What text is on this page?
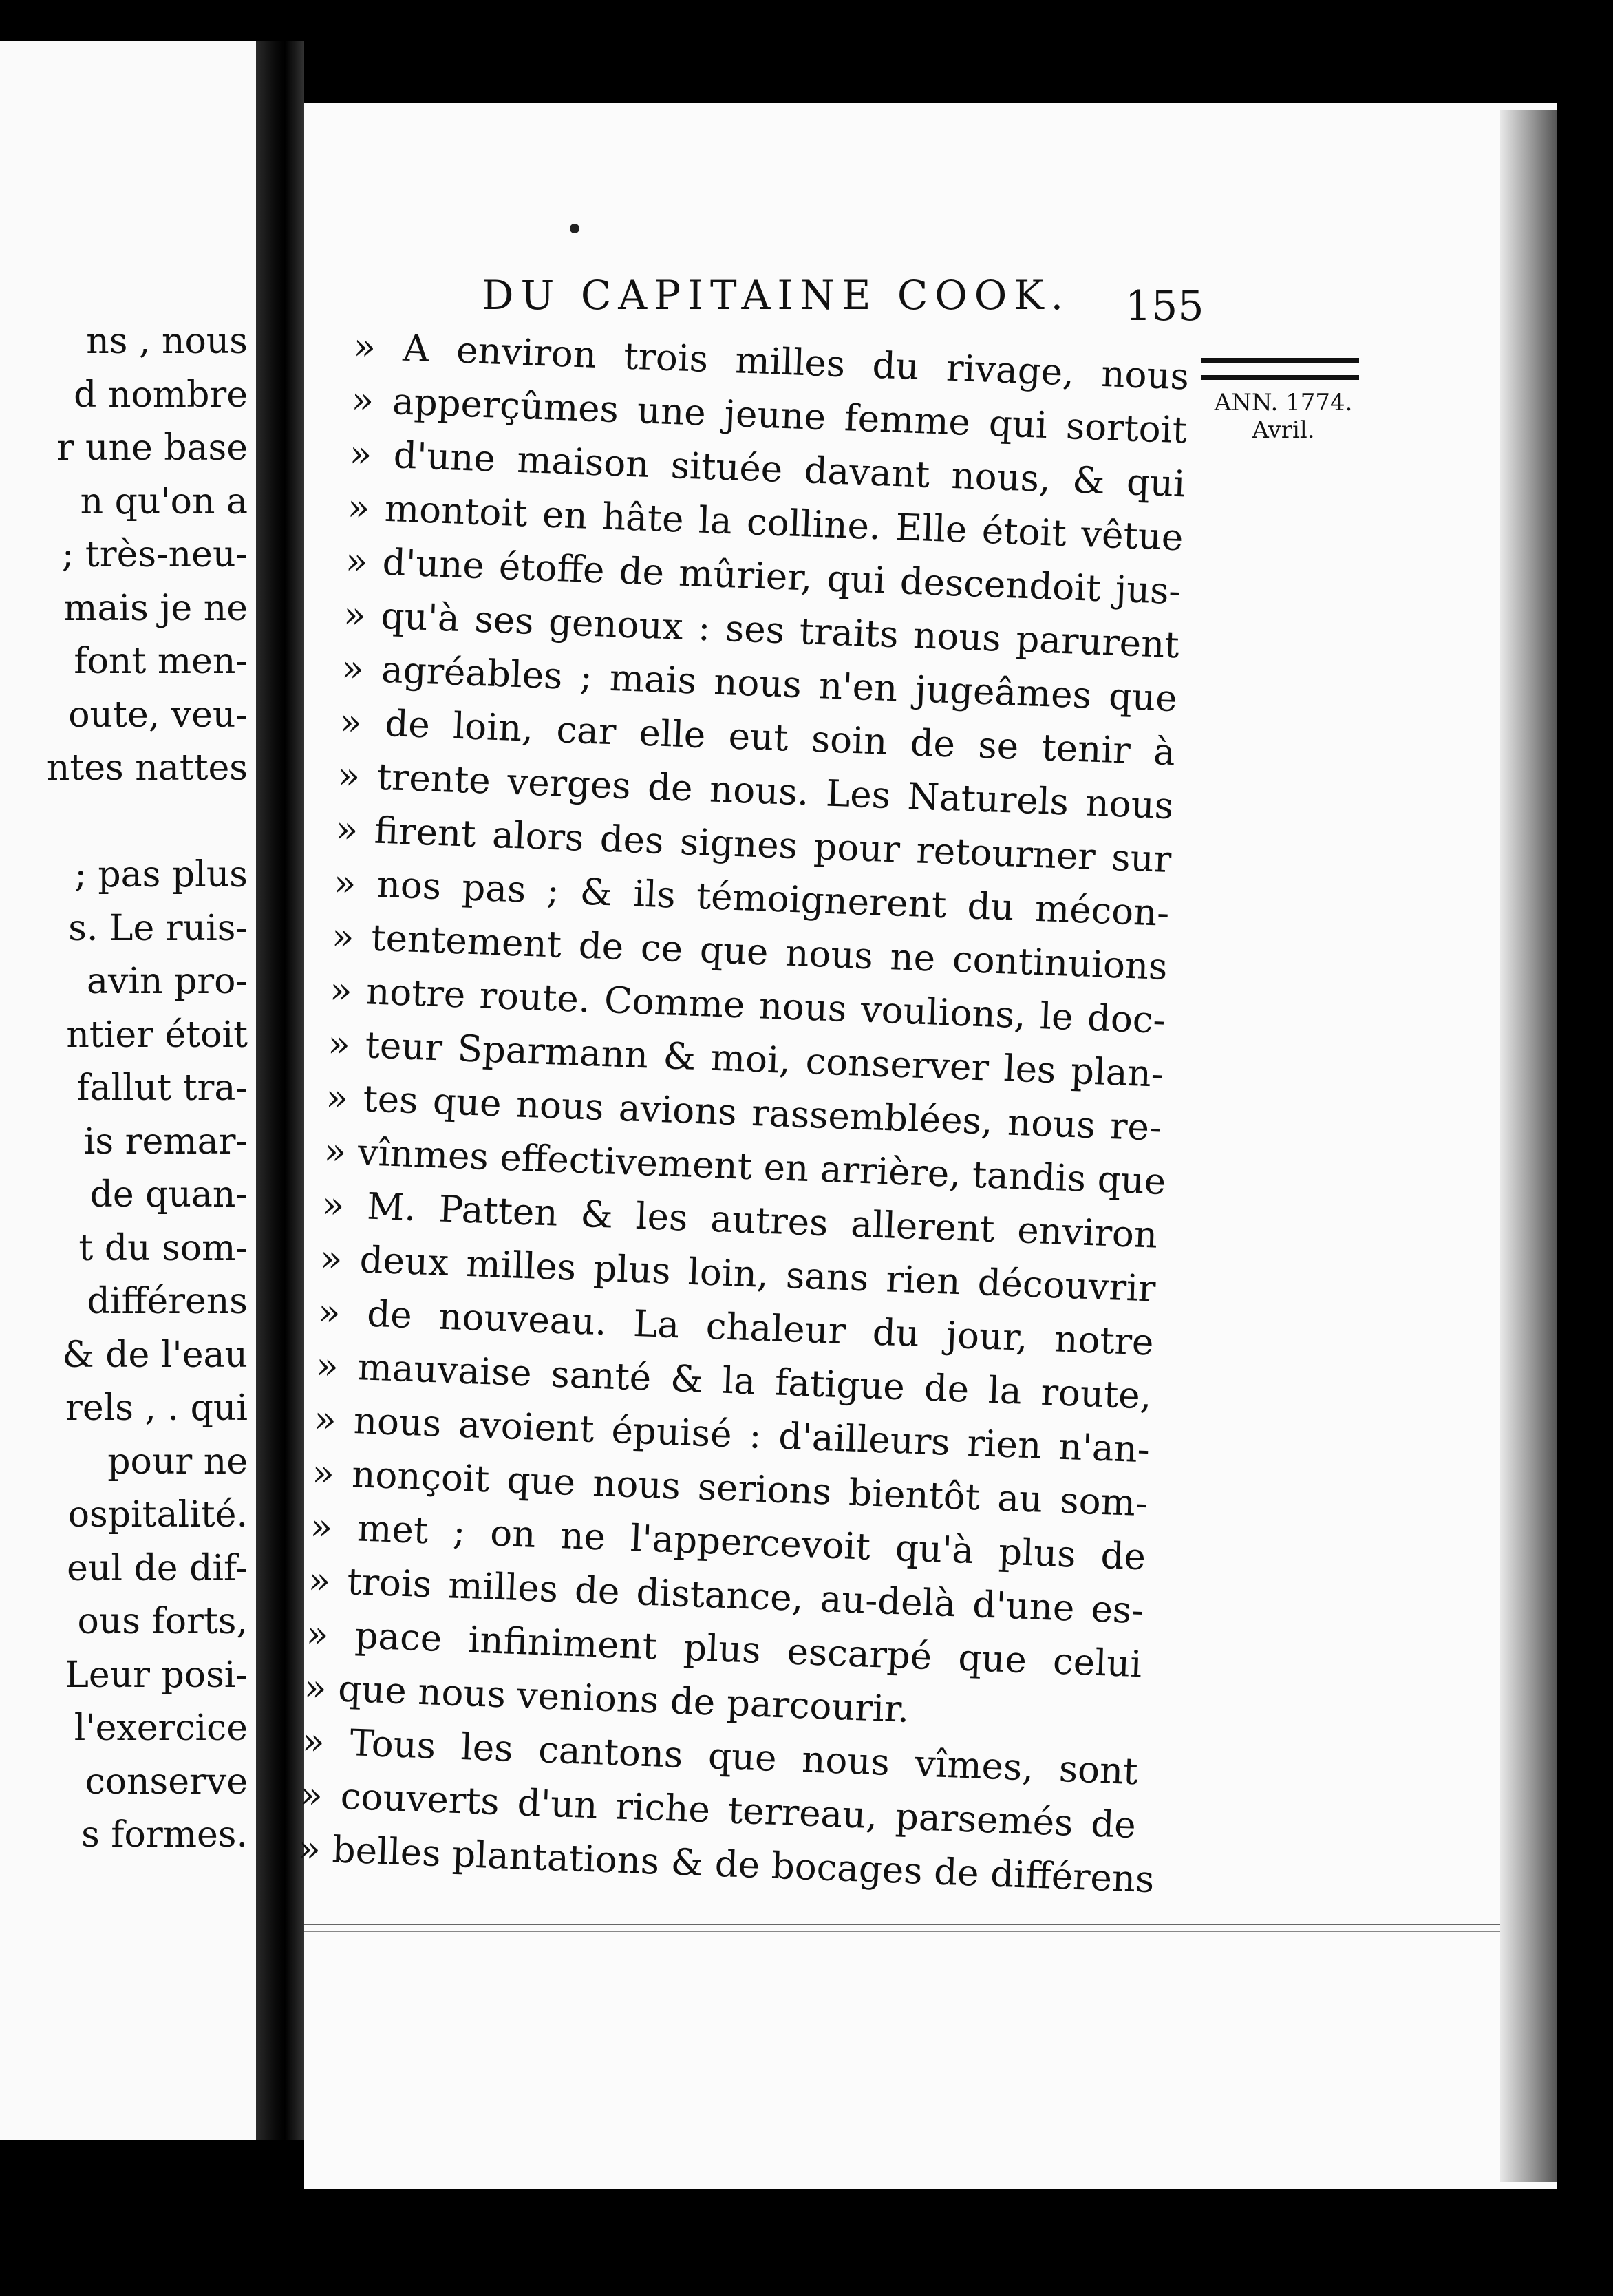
ns , nous
d nombre
r une base
n qu'on a
; très-neu-
mais je ne
font men-
oute, veu-
ntes nattes
; pas plus
s. Le ruis-
avin pro-
ntier étoit
fallut tra-
is remar-
de quan-
t du som-
différens
& de l'eau
rels , . qui
pour ne
ospitalité.
eul de dif-
ous forts,
Leur posi-
l'exercice
conserve
s formes.
DU CAPITAINE COOK.	155
ANN. 1774.
Avril.
» A environ trois milles du rivage, nous
» apperçûmes une jeune femme qui sortoit
» d'une maison située davant nous, & qui
» montoit en hâte la colline. Elle étoit vêtue
» d'une étoffe de mûrier, qui descendoit jus-
» qu'à ses genoux : ses traits nous parurent
» agréables ; mais nous n'en jugeâmes que
» de loin, car elle eut soin de se tenir à
» trente verges de nous. Les Naturels nous
» firent alors des signes pour retourner sur
» nos pas ; & ils témoignerent du mécon-
» tentement de ce que nous ne continuions
» notre route. Comme nous voulions, le doc-
» teur Sparmann & moi, conserver les plan-
» tes que nous avions rassemblées, nous re-
» vînmes effectivement en arrière, tandis que
» M. Patten & les autres allerent environ
» deux milles plus loin, sans rien découvrir
» de nouveau. La chaleur du jour, notre
» mauvaise santé & la fatigue de la route,
» nous avoient épuisé : d'ailleurs rien n'an-
» nonçoit que nous serions bientôt au som-
» met ; on ne l'appercevoit qu'à plus de
» trois milles de distance, au-delà d'une es-
» pace infiniment plus escarpé que celui
» que nous venions de parcourir.
» Tous les cantons que nous vîmes, sont
» couverts d'un riche terreau, parsemés de
» belles plantations & de bocages de différens
